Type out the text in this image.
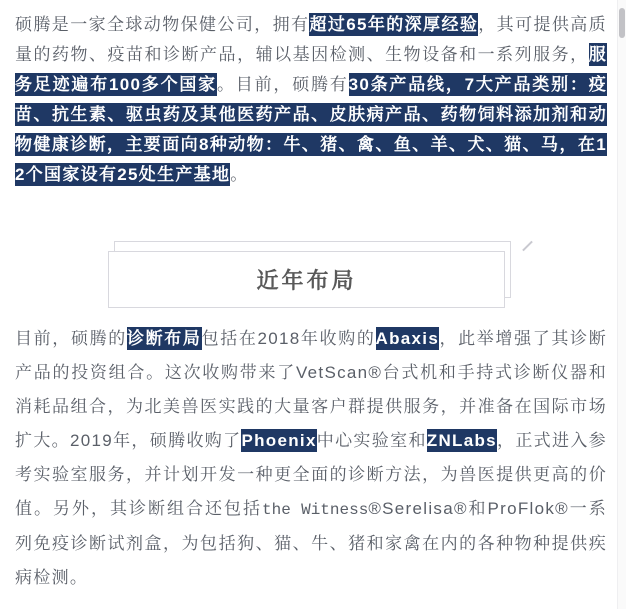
硕腾是一家全球动物保健公司，拥有超过65年的深厚经验，其可提供高质量的药物、疫苗和诊断产品，辅以基因检测、生物设备和一系列服务，服务足迹遍布100多个国家。目前，硕腾有30条产品线，7大产品类别：疫苗、抗生素、驱虫药及其他医药产品、皮肤病产品、药物饲料添加剂和动物健康诊断，主要面向8种动物：牛、猪、禽、鱼、羊、犬、猫、马，在12个国家设有25处生产基地。

近年布局

目前，硕腾的诊断布局包括在2018年收购的Abaxis，此举增强了其诊断产品的投资组合。这次收购带来了VetScan®台式机和手持式诊断仪器和消耗品组合，为北美兽医实践的大量客户群提供服务，并准备在国际市场扩大。2019年，硕腾收购了Phoenix中心实验室和ZNLabs，正式进入参考实验室服务，并计划开发一种更全面的诊断方法，为兽医提供更高的价值。另外，其诊断组合还包括the Witness®Serelisa®和ProFlok®一系列免疫诊断试剂盒，为包括狗、猫、牛、猪和家禽在内的各种物种提供疾病检测。
